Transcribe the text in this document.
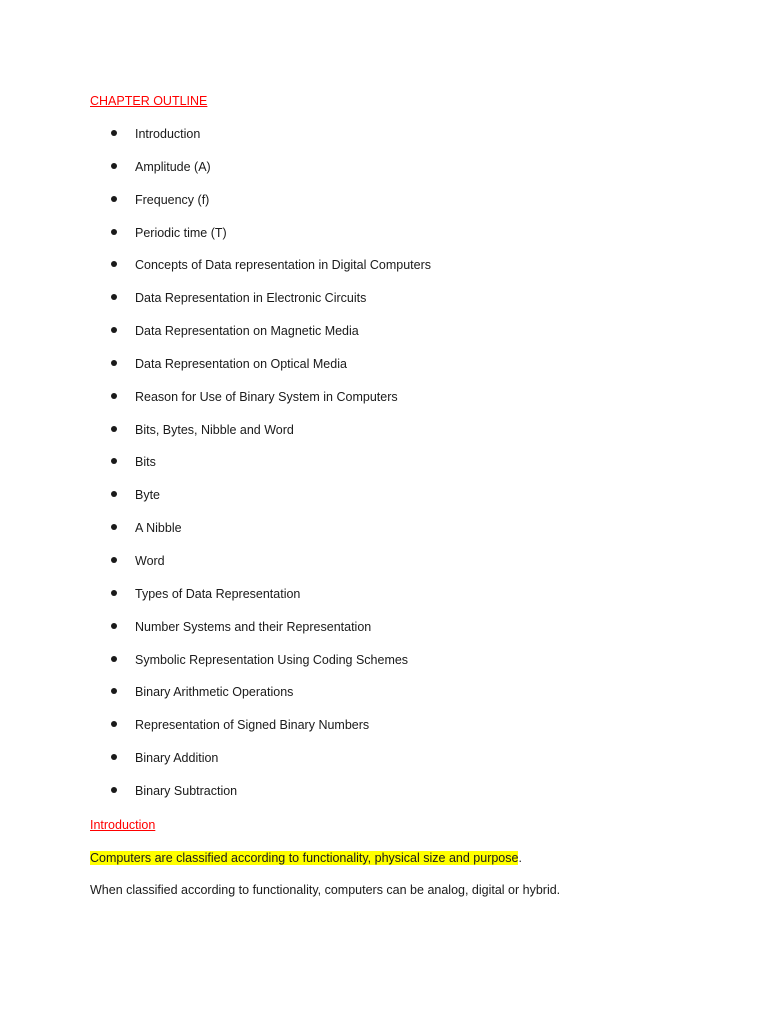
CHAPTER OUTLINE
Introduction
Amplitude (A)
Frequency (f)
Periodic time (T)
Concepts of Data representation in Digital Computers
Data Representation in Electronic Circuits
Data Representation on Magnetic Media
Data Representation on Optical Media
Reason for Use of Binary System in Computers
Bits, Bytes, Nibble and Word
Bits
Byte
A Nibble
Word
Types of Data Representation
Number Systems and their Representation
Symbolic Representation Using Coding Schemes
Binary Arithmetic Operations
Representation of Signed Binary Numbers
Binary Addition
Binary Subtraction
Introduction
Computers are classified according to functionality, physical size and purpose.
When classified according to functionality, computers can be analog, digital or hybrid.
